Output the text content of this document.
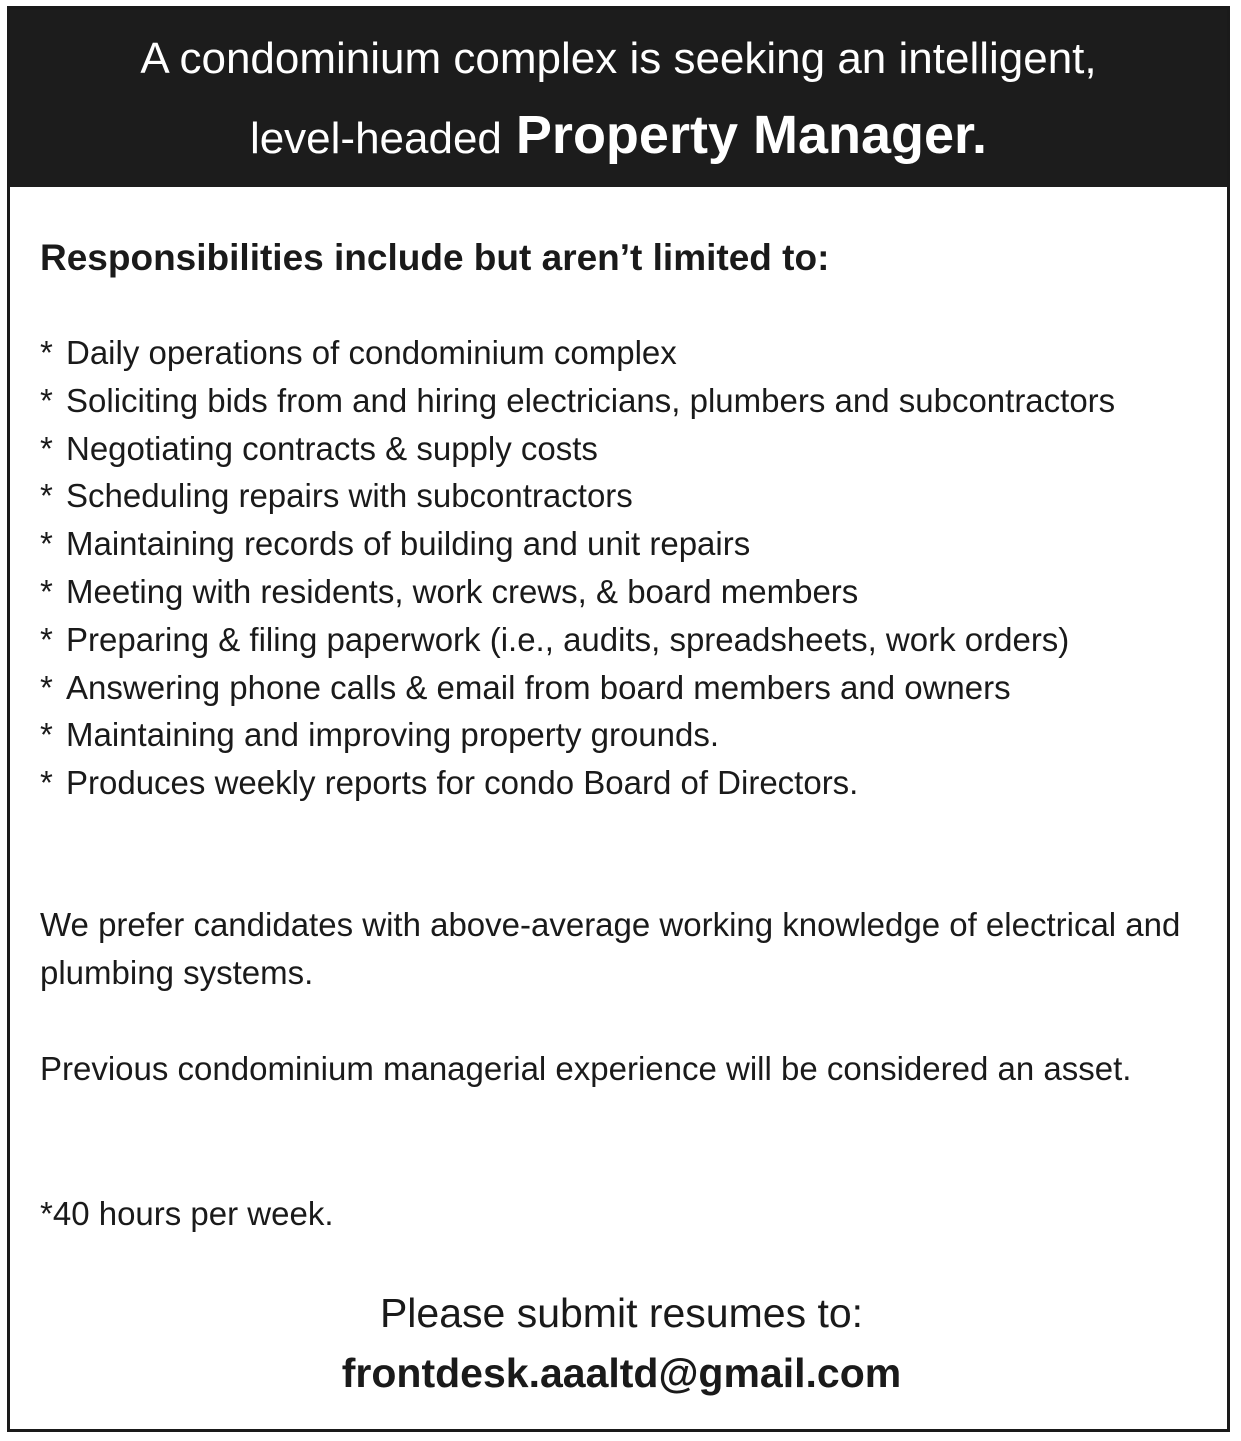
A condominium complex is seeking an intelligent,
level-headed Property Manager.
Responsibilities include but aren’t limited to:
* Daily operations of condominium complex
* Soliciting bids from and hiring electricians, plumbers and subcontractors
* Negotiating contracts & supply costs
* Scheduling repairs with subcontractors
* Maintaining records of building and unit repairs
* Meeting with residents, work crews, & board members
* Preparing & filing paperwork (i.e., audits, spreadsheets, work orders)
* Answering phone calls & email from board members and owners
* Maintaining and improving property grounds.
* Produces weekly reports for condo Board of Directors.
We prefer candidates with above-average working knowledge of electrical and plumbing systems.
Previous condominium managerial experience will be considered an asset.
*40 hours per week.
Please submit resumes to:
frontdesk.aaaltd@gmail.com
